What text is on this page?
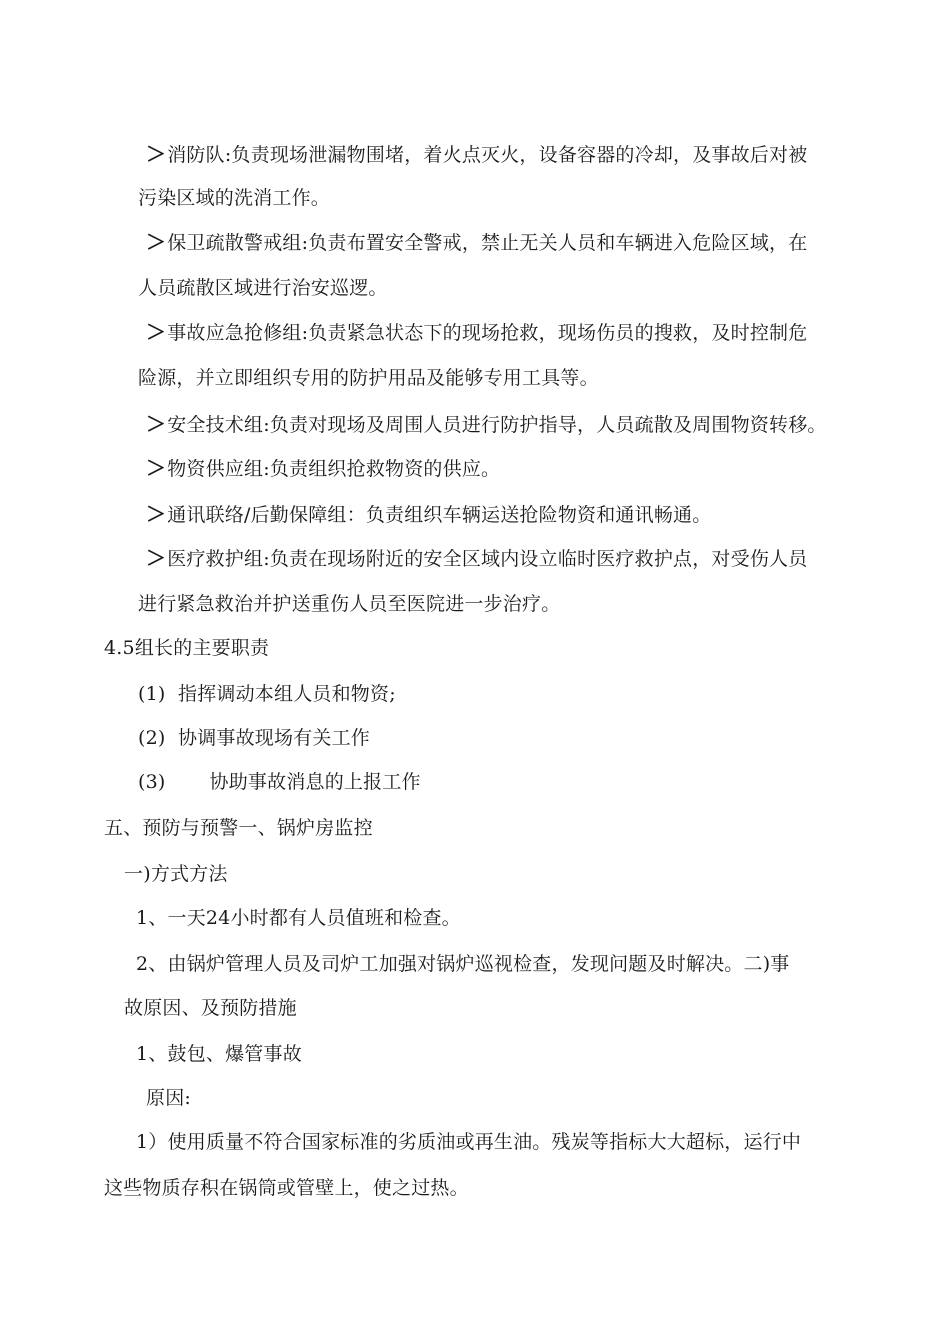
＞消防队:负责现场泄漏物围堵，着火点灭火，设备容器的冷却，及事故后对被
污染区域的洗消工作。
＞保卫疏散警戒组:负责布置安全警戒，禁止无关人员和车辆进入危险区域，在
人员疏散区域进行治安巡逻。
＞事故应急抢修组:负责紧急状态下的现场抢救，现场伤员的搜救，及时控制危
险源，并立即组织专用的防护用品及能够专用工具等。
＞安全技术组:负责对现场及周围人员进行防护指导，人员疏散及周围物资转移。
＞物资供应组:负责组织抢救物资的供应。
＞通讯联络/后勤保障组：负责组织车辆运送抢险物资和通讯畅通。
＞医疗救护组:负责在现场附近的安全区域内设立临时医疗救护点，对受伤人员
进行紧急救治并护送重伤人员至医院进一步治疗。
4.5组长的主要职责
(1) 指挥调动本组人员和物资;
(2) 协调事故现场有关工作
(3) 协助事故消息的上报工作
五、预防与预警一、锅炉房监控
一)方式方法
1、一天24小时都有人员值班和检查。
2、由锅炉管理人员及司炉工加强对锅炉巡视检查，发现问题及时解决。二)事
故原因、及预防措施
1、鼓包、爆管事故
原因:
1）使用质量不符合国家标准的劣质油或再生油。残炭等指标大大超标，运行中
这些物质存积在锅筒或管壁上，使之过热。
